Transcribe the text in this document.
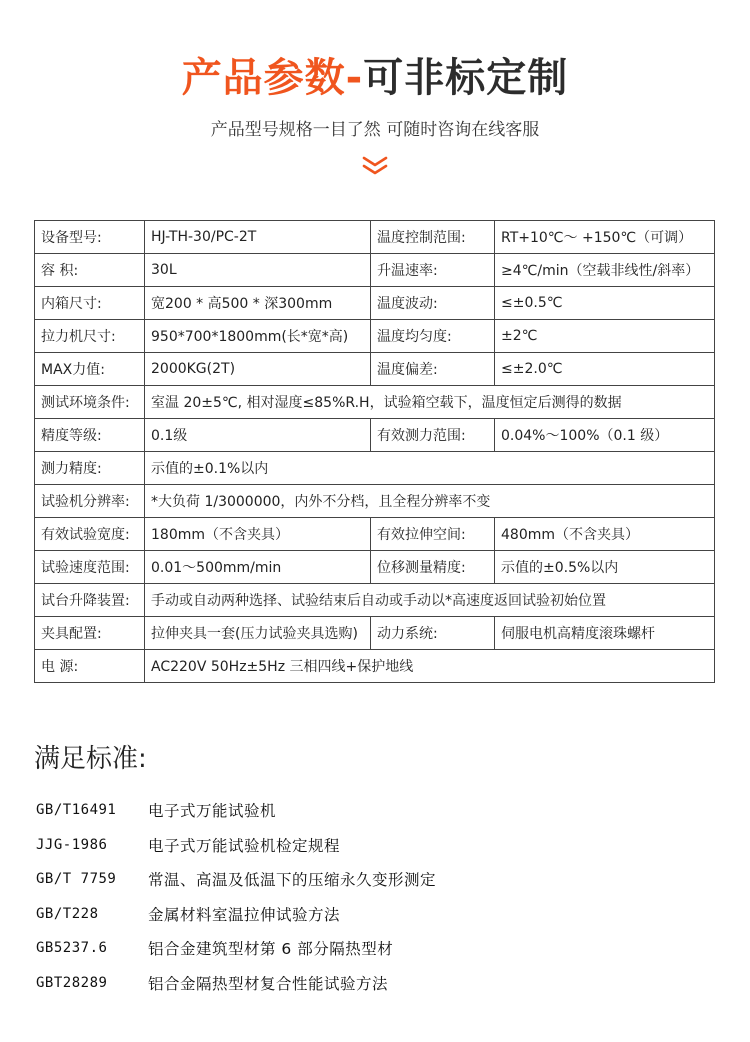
产品参数-可非标定制
产品型号规格一目了然 可随时咨询在线客服
设备型号:	HJ-TH-30/PC-2T	温度控制范围:	RT+10℃～ +150℃（可调）
容 积:	30L	升温速率:	≥4℃/min（空载非线性/斜率）
内箱尺寸:	宽200 * 高500 * 深300mm	温度波动:	≤±0.5℃
拉力机尺寸:	950*700*1800mm(长*宽*高)	温度均匀度:	±2℃
MAX力值:	2000KG(2T)	温度偏差:	≤±2.0℃
测试环境条件:	室温 20±5℃, 相对湿度≤85%R.H，试验箱空载下，温度恒定后测得的数据		
精度等级:	0.1级	有效测力范围:	0.04%～100%（0.1 级）
测力精度:	示值的±0.1%以内		
试验机分辨率:	*大负荷 1/3000000，内外不分档，且全程分辨率不变		
有效试验宽度:	180mm（不含夹具）	有效拉伸空间:	480mm（不含夹具）
试验速度范围:	0.01～500mm/min	位移测量精度:	示值的±0.5%以内
试台升降装置:	手动或自动两种选择、试验结束后自动或手动以*高速度返回试验初始位置		
夹具配置:	拉伸夹具一套(压力试验夹具选购)	动力系统:	伺服电机高精度滚珠螺杆
电 源:	AC220V 50Hz±5Hz 三相四线+保护地线		
满足标准:
GB/T16491	电子式万能试验机
JJG-1986	电子式万能试验机检定规程
GB/T 7759	常温、高温及低温下的压缩永久变形测定
GB/T228	金属材料室温拉伸试验方法
GB5237.6	铝合金建筑型材第 6 部分隔热型材
GBT28289	铝合金隔热型材复合性能试验方法
